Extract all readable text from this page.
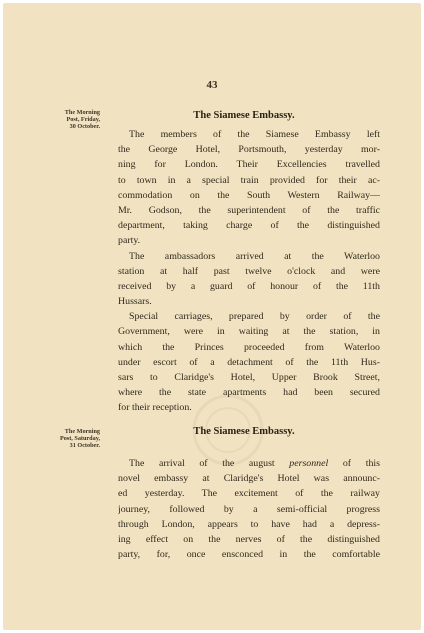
43
The Morning
Post, Friday,
30 October.
The Siamese Embassy.
The members of the Siamese Embassy left
the George Hotel, Portsmouth, yesterday mor-
ning for London. Their Excellencies travelled
to town in a special train provided for their ac-
commodation on the South Western Railway—
Mr. Godson, the superintendent of the traffic
department, taking charge of the distinguished
party.
The ambassadors arrived at the Waterloo
station at half past twelve o'clock and were
received by a guard of honour of the 11th
Hussars.
Special carriages, prepared by order of the
Government, were in waiting at the station, in
which the Princes proceeded from Waterloo
under escort of a detachment of the 11th Hus-
sars to Claridge's Hotel, Upper Brook Street,
where the state apartments had been secured
for their reception.
The Morning
Post, Saturday,
31 October.
The Siamese Embassy.
The arrival of the august personnel of this
novel embassy at Claridge's Hotel was announc-
ed yesterday. The excitement of the railway
journey, followed by a semi-official progress
through London, appears to have had a depress-
ing effect on the nerves of the distinguished
party, for, once ensconced in the comfortable
